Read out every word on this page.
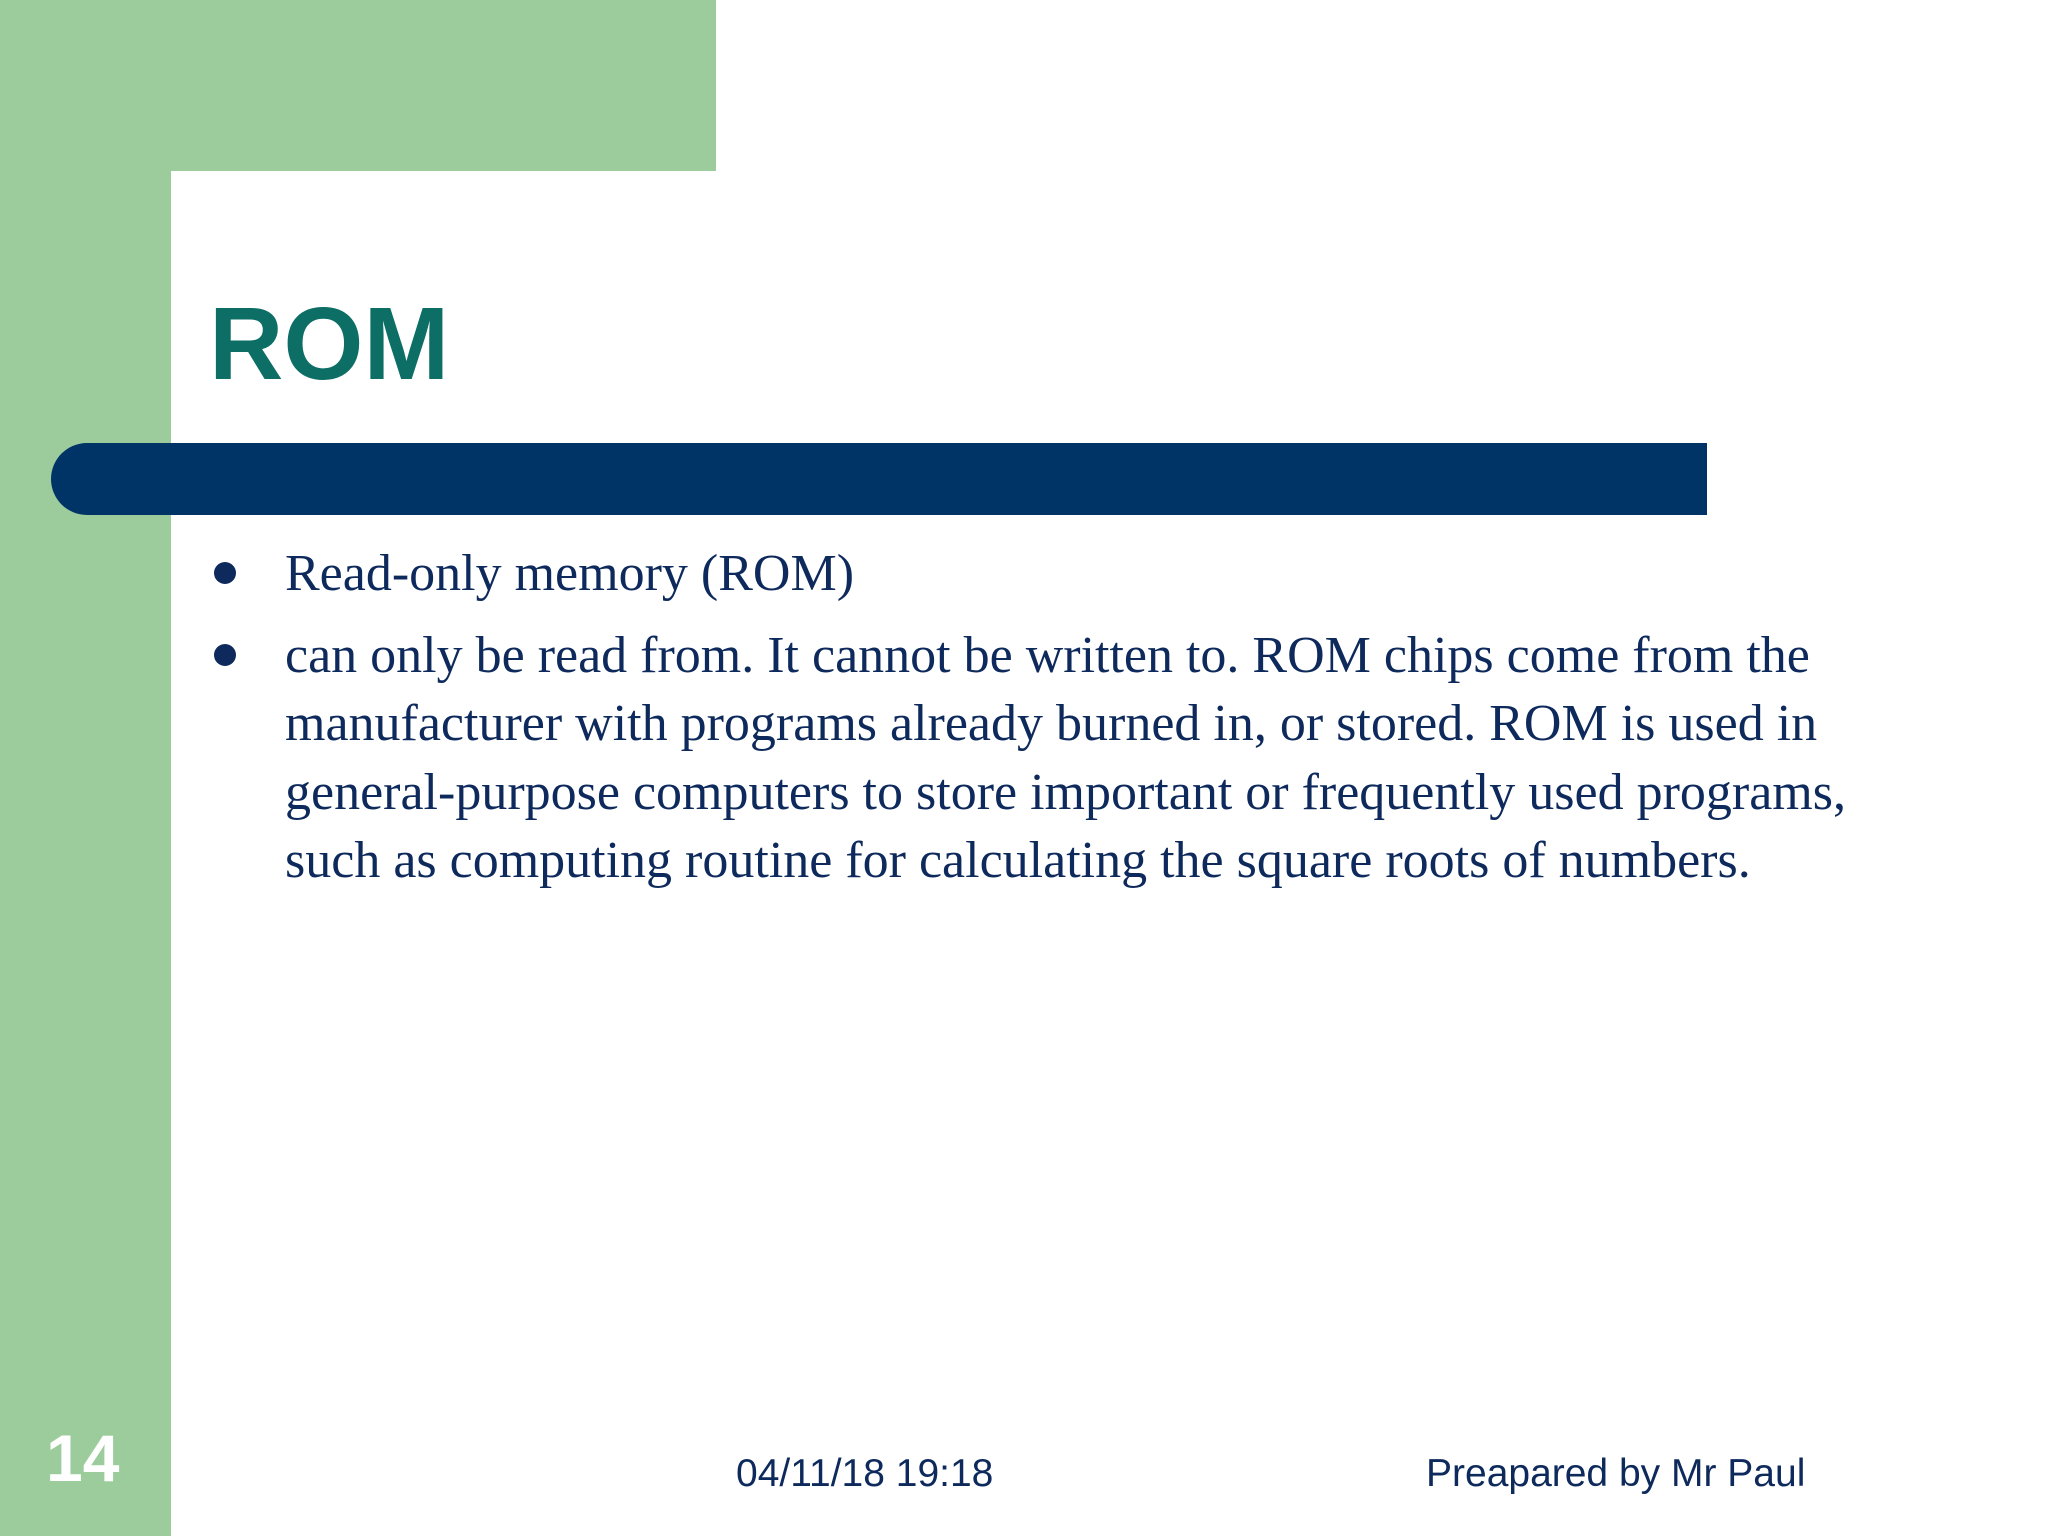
ROM
Read-only memory (ROM)
can only be read from. It cannot be written to. ROM chips come from the manufacturer with programs already burned in, or stored. ROM is used in general-purpose computers to store important or frequently used programs, such as computing routine for calculating the square roots of numbers.
14	04/11/18 19:18	Preapared by Mr Paul
